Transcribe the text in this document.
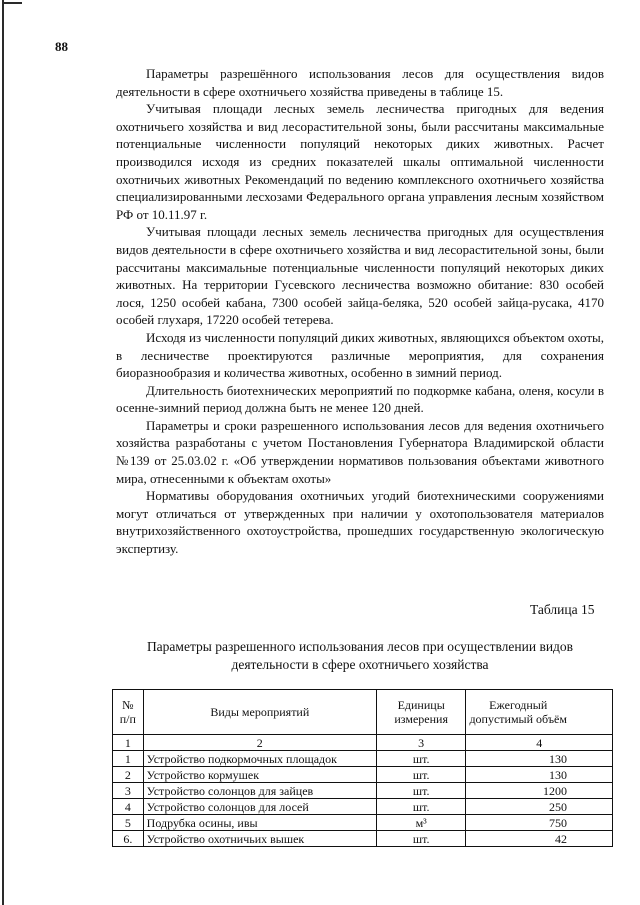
88

Параметры разрешённого использования лесов для осуществления видов деятельности в сфере охотничьего хозяйства приведены в таблице 15.

Учитывая площади лесных земель лесничества пригодных для ведения охотничьего хозяйства и вид лесорастительной зоны, были рассчитаны максимальные потенциальные численности популяций некоторых диких животных. Расчет производился исходя из средних показателей шкалы оптимальной численности охотничьих животных Рекомендаций по ведению комплексного охотничьего хозяйства специализированными лесхозами Федерального органа управления лесным хозяйством РФ от 10.11.97 г.

Учитывая площади лесных земель лесничества пригодных для осуществления видов деятельности в сфере охотничьего хозяйства и вид лесорастительной зоны, были рассчитаны максимальные потенциальные численности популяций некоторых диких животных. На территории Гусевского лесничества возможно обитание: 830 особей лося, 1250 особей кабана, 7300 особей зайца-беляка, 520 особей зайца-русака, 4170 особей глухаря, 17220 особей тетерева.

Исходя из численности популяций диких животных, являющихся объектом охоты, в лесничестве проектируются различные мероприятия, для сохранения биоразнообразия и количества животных, особенно в зимний период.

Длительность биотехнических мероприятий по подкормке кабана, оленя, косули в осенне-зимний период должна быть не менее 120 дней.

Параметры и сроки разрешенного использования лесов для ведения охотничьего хозяйства разработаны с учетом Постановления Губернатора Владимирской области №139 от 25.03.02 г. «Об утверждении нормативов пользования объектами животного мира, отнесенными к объектам охоты»

Нормативы оборудования охотничьих угодий биотехническими сооружениями могут отличаться от утвержденных при наличии у охотопользователя материалов внутрихозяйственного охотоустройства, прошедших государственную экологическую экспертизу.

Таблица 15
Параметры разрешенного использования лесов при осуществлении видов деятельности в сфере охотничьего хозяйства
№ п/п	Виды мероприятий	Единицы измерения	Ежегодный допустимый объём
1	2	3	4
1	Устройство подкормочных площадок	шт.	130
2	Устройство кормушек	шт.	130
3	Устройство солонцов для зайцев	шт.	1200
4	Устройство солонцов для лосей	шт.	250
5	Подрубка осины, ивы	м³	750
6.	Устройство охотничьих вышек	шт.	42
